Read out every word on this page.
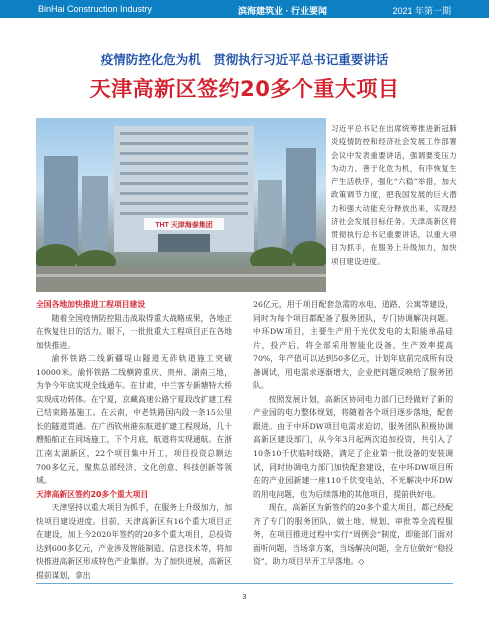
BinHai Construction Industry	滨海建筑业 · 行业要闻	2021 年第一期
疫情防控化危为机　贯彻执行习近平总书记重要讲话
天津高新区签约20多个重大项目
THT 天津海泰集团
习近平总书记在出席统筹推进新冠肺炎疫情防控和经济社会发展工作部署会议中发表重要讲话，强调要变压力为动力、善于化危为机，有序恢复生产生活秩序，强化“六稳”举措，加大政策调节力度，把我国发展的巨大潜力和强大动能充分释放出来，实现经济社会发展目标任务。天津高新区将贯彻执行总书记重要讲话，以重大项目为抓手，在服务上升级加力，加快项目建设进度。
全国各地加快推进工程项目建设

随着全国疫情防控阻击战取得重大战略成果，各地正在恢复往日的活力。眼下，一批批重大工程项目正在各地加快推进。

渝怀铁路二线新疆堤山隧道无砟轨道施工突破10000米。渝怀铁路二线横跨重庆、贵州、湖南三地，为争今年底实现全线通车。在甘肃，中兰客专新塘特大桥实现成功转体。在宁夏，京藏高速公路宁夏段改扩建工程已结束路基施工。在云南，中老铁路国内段一条15公里长的隧道贯通。在广西钦州港东航道扩建工程现场，几十艘船舶正在同场施工，下个月底，航道将实现通航。在浙江南太湖新区，22个项目集中开工，项目投资总额达700多亿元，聚焦总部经济、文化创意、科技创新等领域。

天津高新区签约20多个重大项目

天津坚持以重大项目为抓手，在服务上升级加力，加快项目建设进度。目前，天津高新区有16个重大项目正在建设，加上今2020年签约的20多个重大项目，总投资达到600多亿元，产业涉及智能制造、信息技术等，将加快推进高新区形成特色产业集群。为了加快进展，高新区提前谋划，拿出

26亿元，用于项目配套急需的水电、道路、公寓等建设，同时为每个项目都配备了服务团队，专门协调解决问题。中环DW项目，主要生产用于光伏发电的太阳能单晶硅片，投产后，将全部采用智能化设备，生产效率提高70%，年产值可以达到50多亿元，计划年底前完成所有设备调试，用电需求逐渐增大，企业把问题反映给了服务团队。

按照发展计划，高新区协同电力部门已经做好了新的产业园的电力整体规划，将随着各个项目逐步落地，配套跟进。由于中环DW项目电需求迫切，服务团队积极协调高新区建设部门，从今年3月起两次追加投资，共引入了10条10千伏临时线路，满足了企业第一批设备的安装调试，同时协调电力部门加快配套建设，在中环DW项目所在的产业园新建一座110千伏变电站，不光解决中环DW的用电问题，也为后续落地的其他项目，提前供好电。

现在，高新区为新签约的20多个重大项目，都已经配齐了专门的服务团队，做土地、规划、审批等全流程服务，在项目推进过程中实行“周例会”制度，即能部门面对面听问题，当场拿方案，当场解决问题，全方位做好“稳投资”，助力项目早开工早落地。◇

3
